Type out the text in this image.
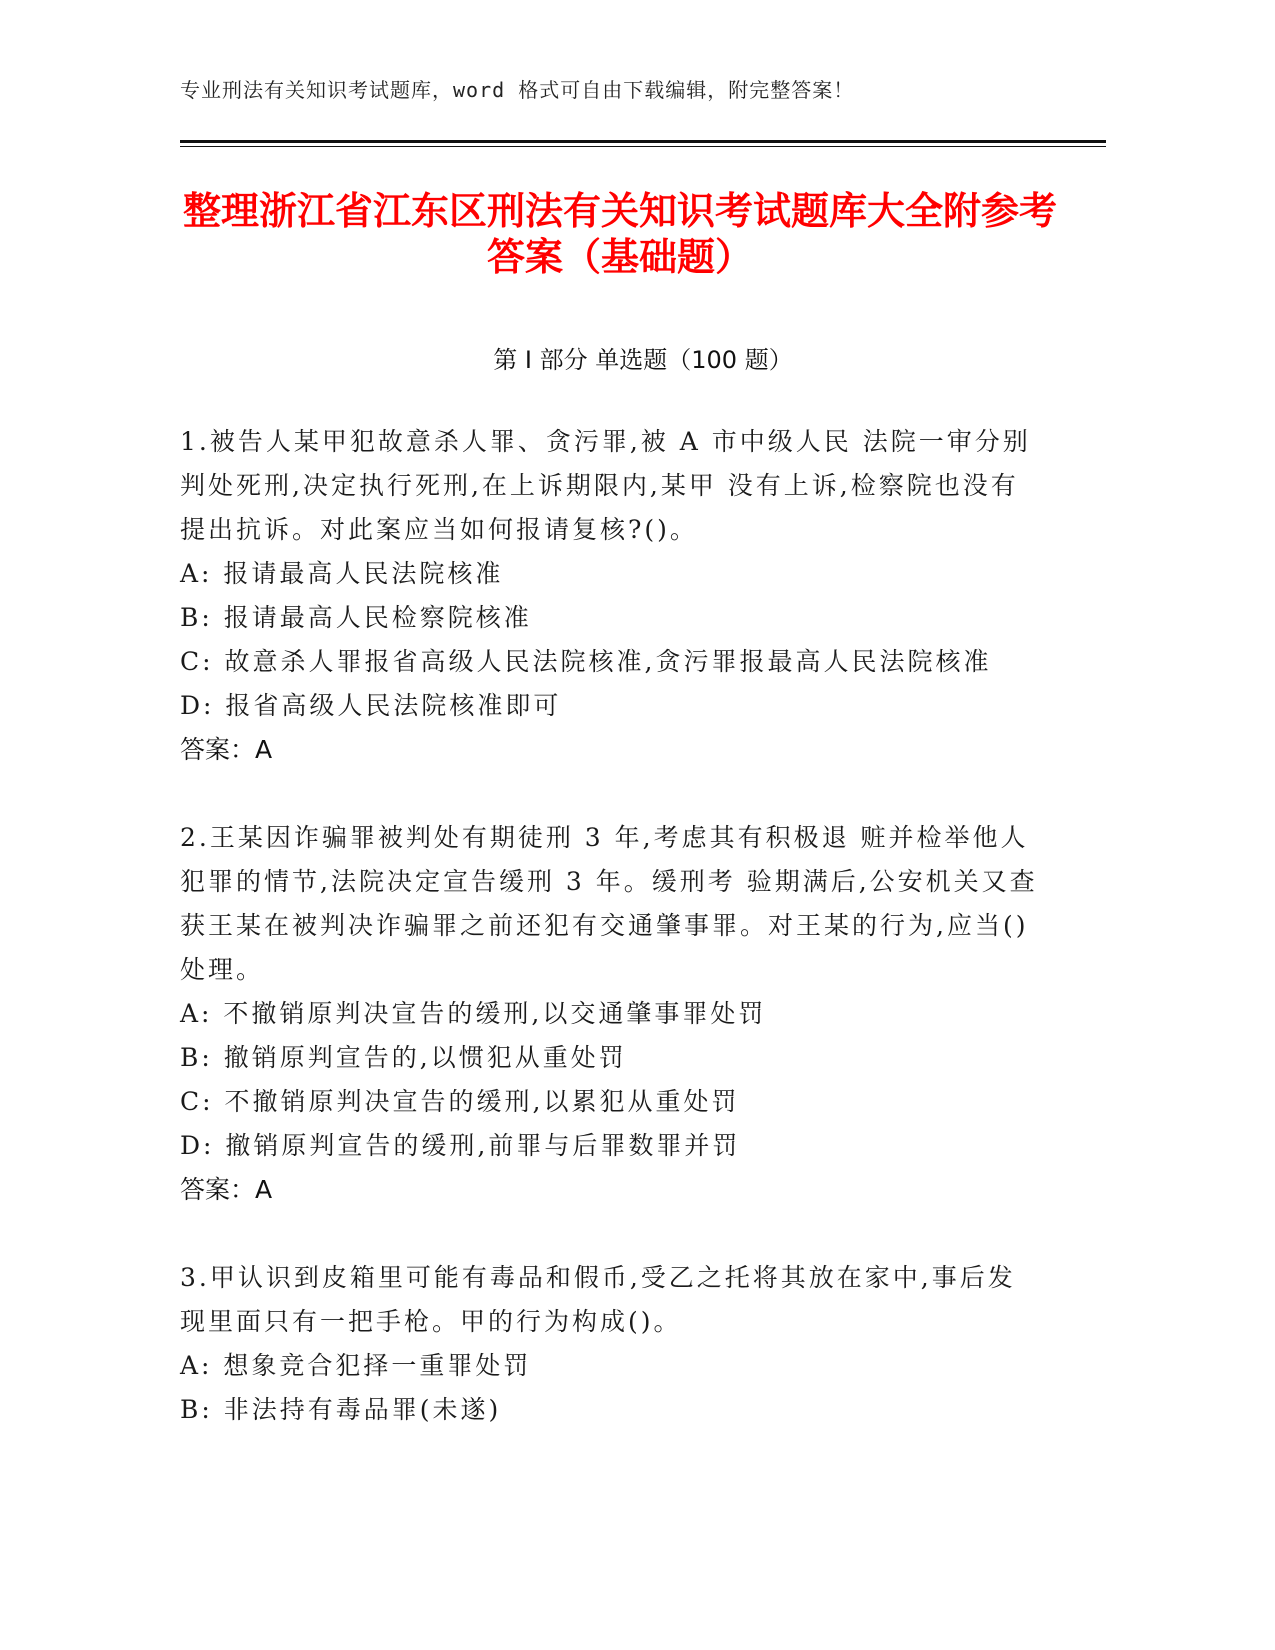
专业刑法有关知识考试题库，word 格式可自由下载编辑，附完整答案！
整理浙江省江东区刑法有关知识考试题库大全附参考答案（基础题）
第 I 部分 单选题（100 题）

1.被告人某甲犯故意杀人罪、贪污罪,被 A 市中级人民 法院一审分别判处死刑,决定执行死刑,在上诉期限内,某甲 没有上诉,检察院也没有提出抗诉。对此案应当如何报请复核?()。

A: 报请最高人民法院核准
B: 报请最高人民检察院核准
C: 故意杀人罪报省高级人民法院核准,贪污罪报最高人民法院核准
D: 报省高级人民法院核准即可
答案：A

2.王某因诈骗罪被判处有期徒刑 3 年,考虑其有积极退 赃并检举他人犯罪的情节,法院决定宣告缓刑 3 年。缓刑考 验期满后,公安机关又查获王某在被判决诈骗罪之前还犯有交通肇事罪。对王某的行为,应当()处理。

A: 不撤销原判决宣告的缓刑,以交通肇事罪处罚
B: 撤销原判宣告的,以惯犯从重处罚
C: 不撤销原判决宣告的缓刑,以累犯从重处罚
D: 撤销原判宣告的缓刑,前罪与后罪数罪并罚
答案：A

3.甲认识到皮箱里可能有毒品和假币,受乙之托将其放在家中,事后发现里面只有一把手枪。甲的行为构成()。

A: 想象竞合犯择一重罪处罚
B: 非法持有毒品罪(未遂)
